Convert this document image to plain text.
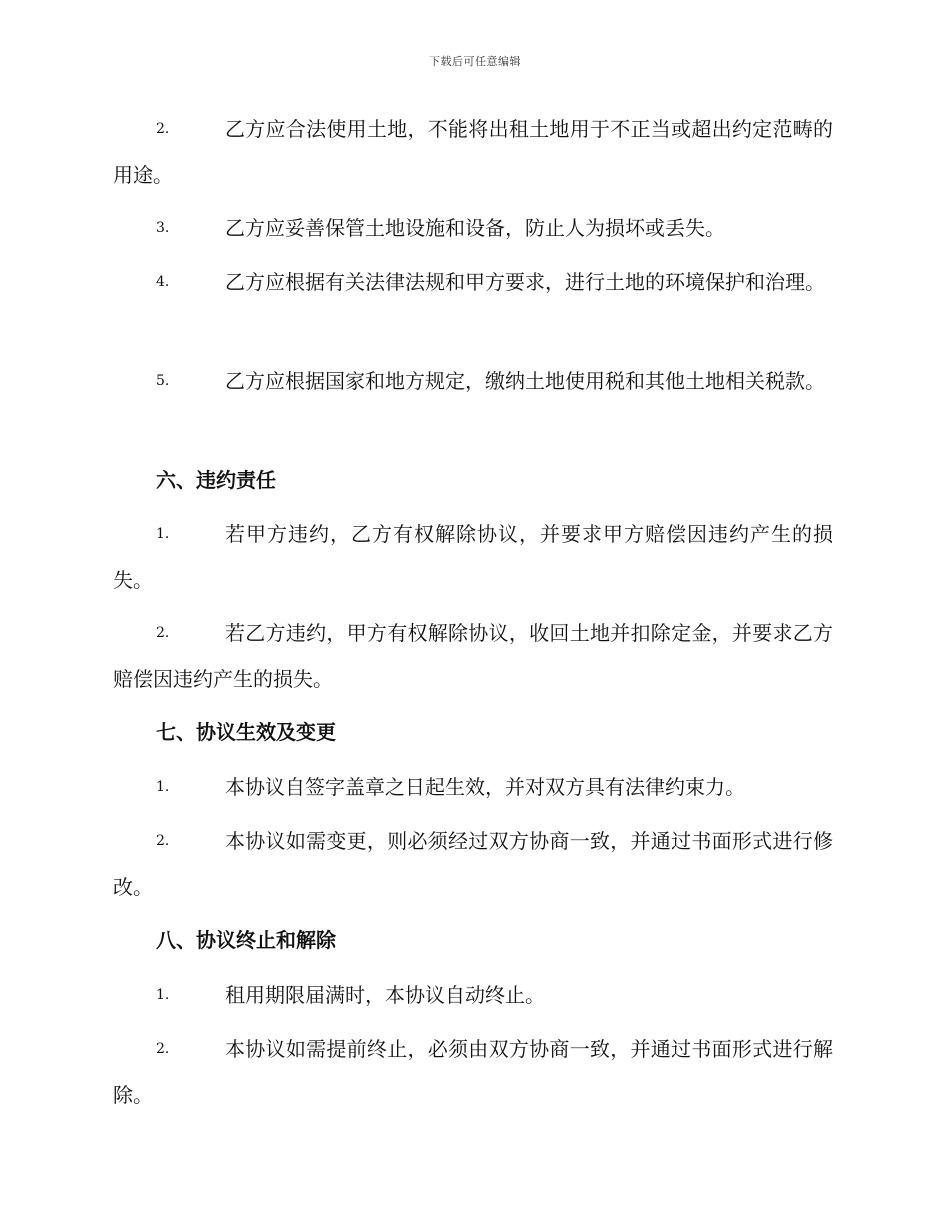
下载后可任意编辑
2.	乙方应合法使用土地，不能将出租土地用于不正当或超出约定范畴的用途。
3.	乙方应妥善保管土地设施和设备，防止人为损坏或丢失。
4.	乙方应根据有关法律法规和甲方要求，进行土地的环境保护和治理。
5.	乙方应根据国家和地方规定，缴纳土地使用税和其他土地相关税款。
六、违约责任
1.	若甲方违约，乙方有权解除协议，并要求甲方赔偿因违约产生的损失。
2.	若乙方违约，甲方有权解除协议，收回土地并扣除定金，并要求乙方赔偿因违约产生的损失。
七、协议生效及变更
1.	本协议自签字盖章之日起生效，并对双方具有法律约束力。
2.	本协议如需变更，则必须经过双方协商一致，并通过书面形式进行修改。
八、协议终止和解除
1.	租用期限届满时，本协议自动终止。
2.	本协议如需提前终止，必须由双方协商一致，并通过书面形式进行解除。
